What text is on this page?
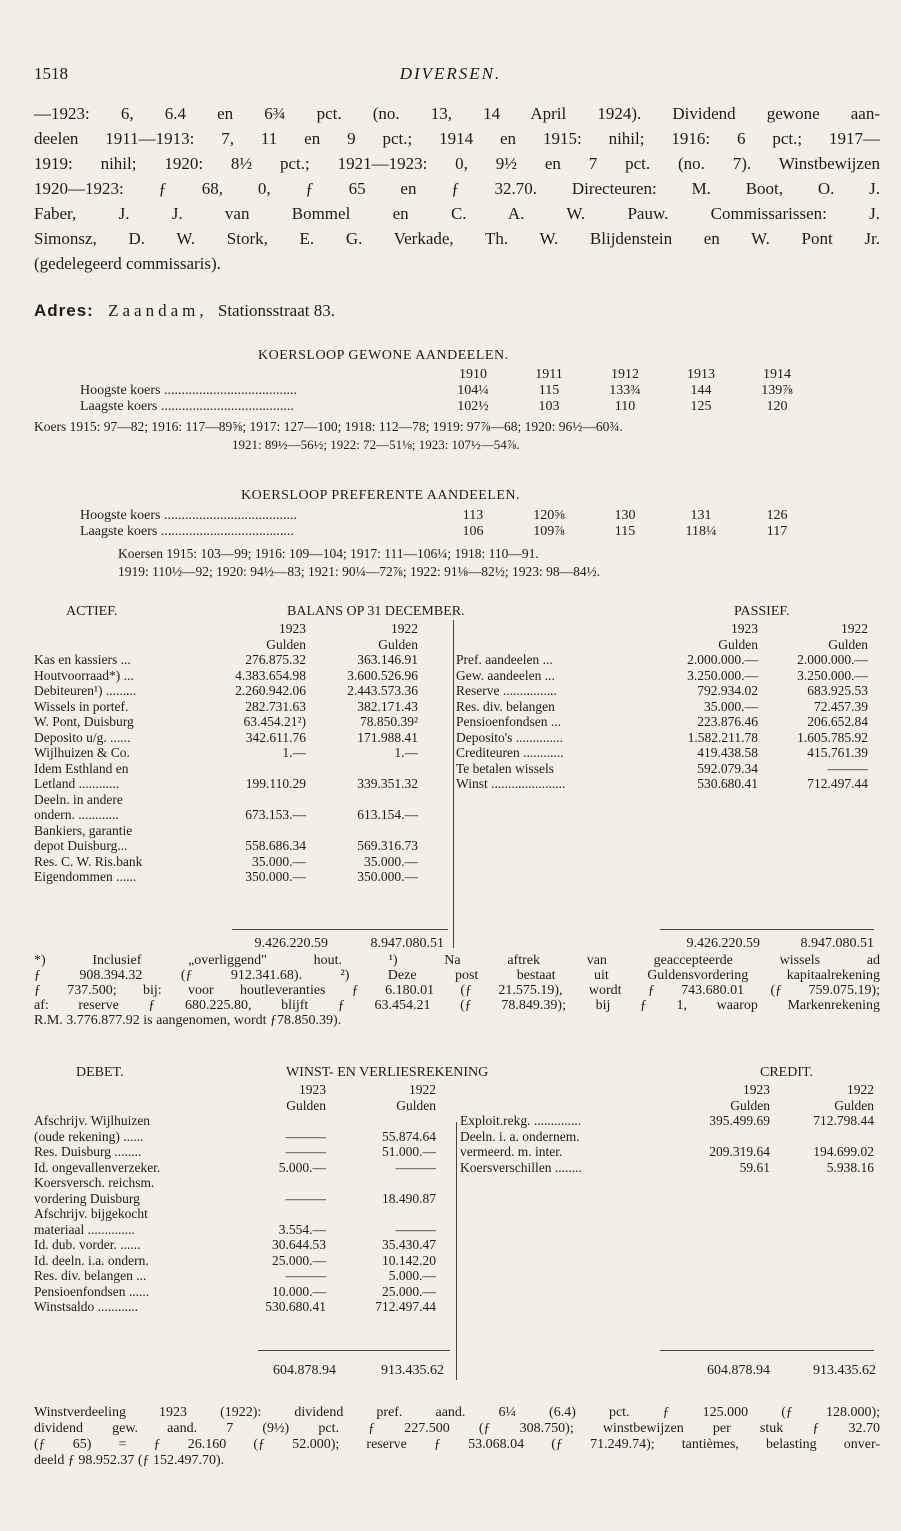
1518	DIVERSEN.
—1923: 6, 6.4 en 6¾ pct. (no. 13, 14 April 1924). Dividend gewone aan-
deelen 1911—1913: 7, 11 en 9 pct.; 1914 en 1915: nihil; 1916: 6 pct.; 1917—
1919: nihil; 1920: 8½ pct.; 1921—1923: 0, 9½ en 7 pct. (no. 7). Winstbewijzen
1920—1923: ƒ 68, 0, ƒ 65 en ƒ 32.70. Directeuren: M. Boot, O. J.
Faber, J. J. van Bommel en C. A. W. Pauw. Commissarissen: J.
Simonsz, D. W. Stork, E. G. Verkade, Th. W. Blijdenstein en W. Pont Jr.
(gedelegeerd commissaris).
Adres: Zaandam, Stationsstraat 83.
KOERSLOOP GEWONE AANDEELEN.
		1910	1911	1912	1913	1914
Hoogste koers ......................................		104¼	115	133¾	144	139⅞
Laagste koers ......................................		102½	103	110	125	120
Koers 1915: 97—82; 1916: 117—89⅝; 1917: 127—100; 1918: 112—78; 1919: 97⅞—68; 1920: 96½—60¾.
1921: 89½—56½; 1922: 72—51⅛; 1923: 107½—54⅞.
KOERSLOOP PREFERENTE AANDEELEN.
Hoogste koers ......................................	113	120⅝	130	131	126
Laagste koers ......................................	106	109⅞	115	118¼	117
Koersen 1915: 103—99; 1916: 109—104; 1917: 111—106¼; 1918: 110—91.
1919: 110½—92; 1920: 94½—83; 1921: 90¼—72⅞; 1922: 91⅛—82½; 1923: 98—84½.
ACTIEF.	BALANS OP 31 DECEMBER.	PASSIEF.
	1923	1922
	Gulden	Gulden
Kas en kassiers ...	276.875.32	363.146.91
Houtvoorraad*) ...	4.383.654.98	3.600.526.96
Debiteuren¹) .........	2.260.942.06	2.443.573.36
Wissels in portef.	282.731.63	382.171.43
W. Pont, Duisburg	63.454.21²)	78.850.39²
Deposito u/g. ......	342.611.76	171.988.41
Wijlhuizen & Co.	1.—	1.—
Idem Esthland en		
Letland ............	199.110.29	339.351.32
Deeln. in andere		
ondern. ............	673.153.—	613.154.—
Bankiers, garantie		
depot Duisburg...	558.686.34	569.316.73
Res. C. W. Ris.bank	35.000.—	35.000.—
Eigendommen ......	350.000.—	350.000.—
	1923	1922
	Gulden	Gulden
Pref. aandeelen ...	2.000.000.—	2.000.000.—
Gew. aandeelen ...	3.250.000.—	3.250.000.—
Reserve ................	792.934.02	683.925.53
Res. div. belangen	35.000.—	72.457.39
Pensioenfondsen ...	223.876.46	206.652.84
Deposito's ..............	1.582.211.78	1.605.785.92
Crediteuren ............	419.438.58	415.761.39
Te betalen wissels	592.079.34	———
Winst ......................	530.680.41	712.497.44
9.426.220.59	8.947.080.51	9.426.220.59	8.947.080.51
*) Inclusief „overliggend" hout. ¹) Na aftrek van geaccepteerde wissels ad
ƒ 908.394.32 (ƒ 912.341.68). ²) Deze post bestaat uit Guldensvordering kapitaalrekening
ƒ 737.500; bij: voor houtleveranties ƒ 6.180.01 (ƒ 21.575.19), wordt ƒ 743.680.01 (ƒ 759.075.19);
af: reserve ƒ 680.225.80, blijft ƒ 63.454.21 (ƒ 78.849.39); bij ƒ 1, waarop Markenrekening
R.M. 3.776.877.92 is aangenomen, wordt ƒ78.850.39).
DEBET.	WINST- EN VERLIESREKENING	CREDIT.
	1923	1922
	Gulden	Gulden
Afschrijv. Wijlhuizen		
(oude rekening) ......	———	55.874.64
Res. Duisburg ........	———	51.000.—
Id. ongevallenverzeker.	5.000.—	———
Koersversch. reichsm.		
vordering Duisburg	———	18.490.87
Afschrijv. bijgekocht		
materiaal ..............	3.554.—	———
Id. dub. vorder. ......	30.644.53	35.430.47
Id. deeln. i.a. ondern.	25.000.—	10.142.20
Res. div. belangen ...	———	5.000.—
Pensioenfondsen ......	10.000.—	25.000.—
Winstsaldo ............	530.680.41	712.497.44
	1923	1922
	Gulden	Gulden
Exploit.rekg. ..............	395.499.69	712.798.44
Deeln. i. a. ondernem.		
vermeerd. m. inter.	209.319.64	194.699.02
Koersverschillen ........	59.61	5.938.16
604.878.94	913.435.62	604.878.94	913.435.62
Winstverdeeling 1923 (1922): dividend pref. aand. 6¼ (6.4) pct. ƒ 125.000 (ƒ 128.000);
dividend gew. aand. 7 (9½) pct. ƒ 227.500 (ƒ 308.750); winstbewijzen per stuk ƒ 32.70
(ƒ 65) = ƒ 26.160 (ƒ 52.000); reserve ƒ 53.068.04 (ƒ 71.249.74); tantièmes, belasting onver-
deeld ƒ 98.952.37 (ƒ 152.497.70).
